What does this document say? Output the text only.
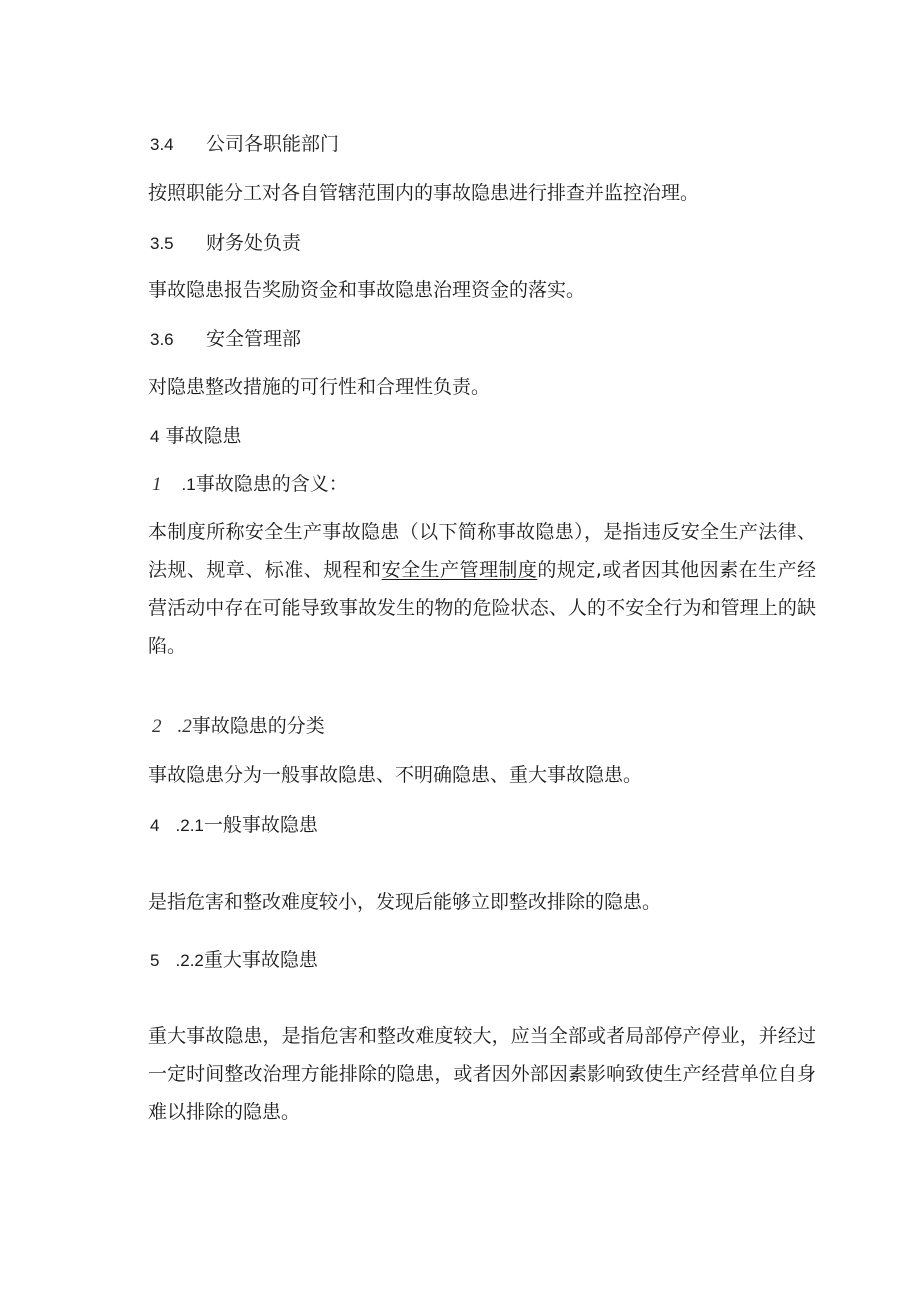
3.4 公司各职能部门
按照职能分工对各自管辖范围内的事故隐患进行排查并监控治理。
3.5 财务处负责
事故隐患报告奖励资金和事故隐患治理资金的落实。
3.6 安全管理部
对隐患整改措施的可行性和合理性负责。
4 事故隐患
1 .1事故隐患的含义：
本制度所称安全生产事故隐患（以下简称事故隐患），是指违反安全生产法律、法规、规章、标准、规程和安全生产管理制度的规定,或者因其他因素在生产经营活动中存在可能导致事故发生的物的危险状态、人的不安全行为和管理上的缺陷。
2 .2事故隐患的分类
事故隐患分为一般事故隐患、不明确隐患、重大事故隐患。
4 .2.1一般事故隐患
是指危害和整改难度较小，发现后能够立即整改排除的隐患。
5 .2.2重大事故隐患
重大事故隐患，是指危害和整改难度较大，应当全部或者局部停产停业，并经过一定时间整改治理方能排除的隐患，或者因外部因素影响致使生产经营单位自身难以排除的隐患。
